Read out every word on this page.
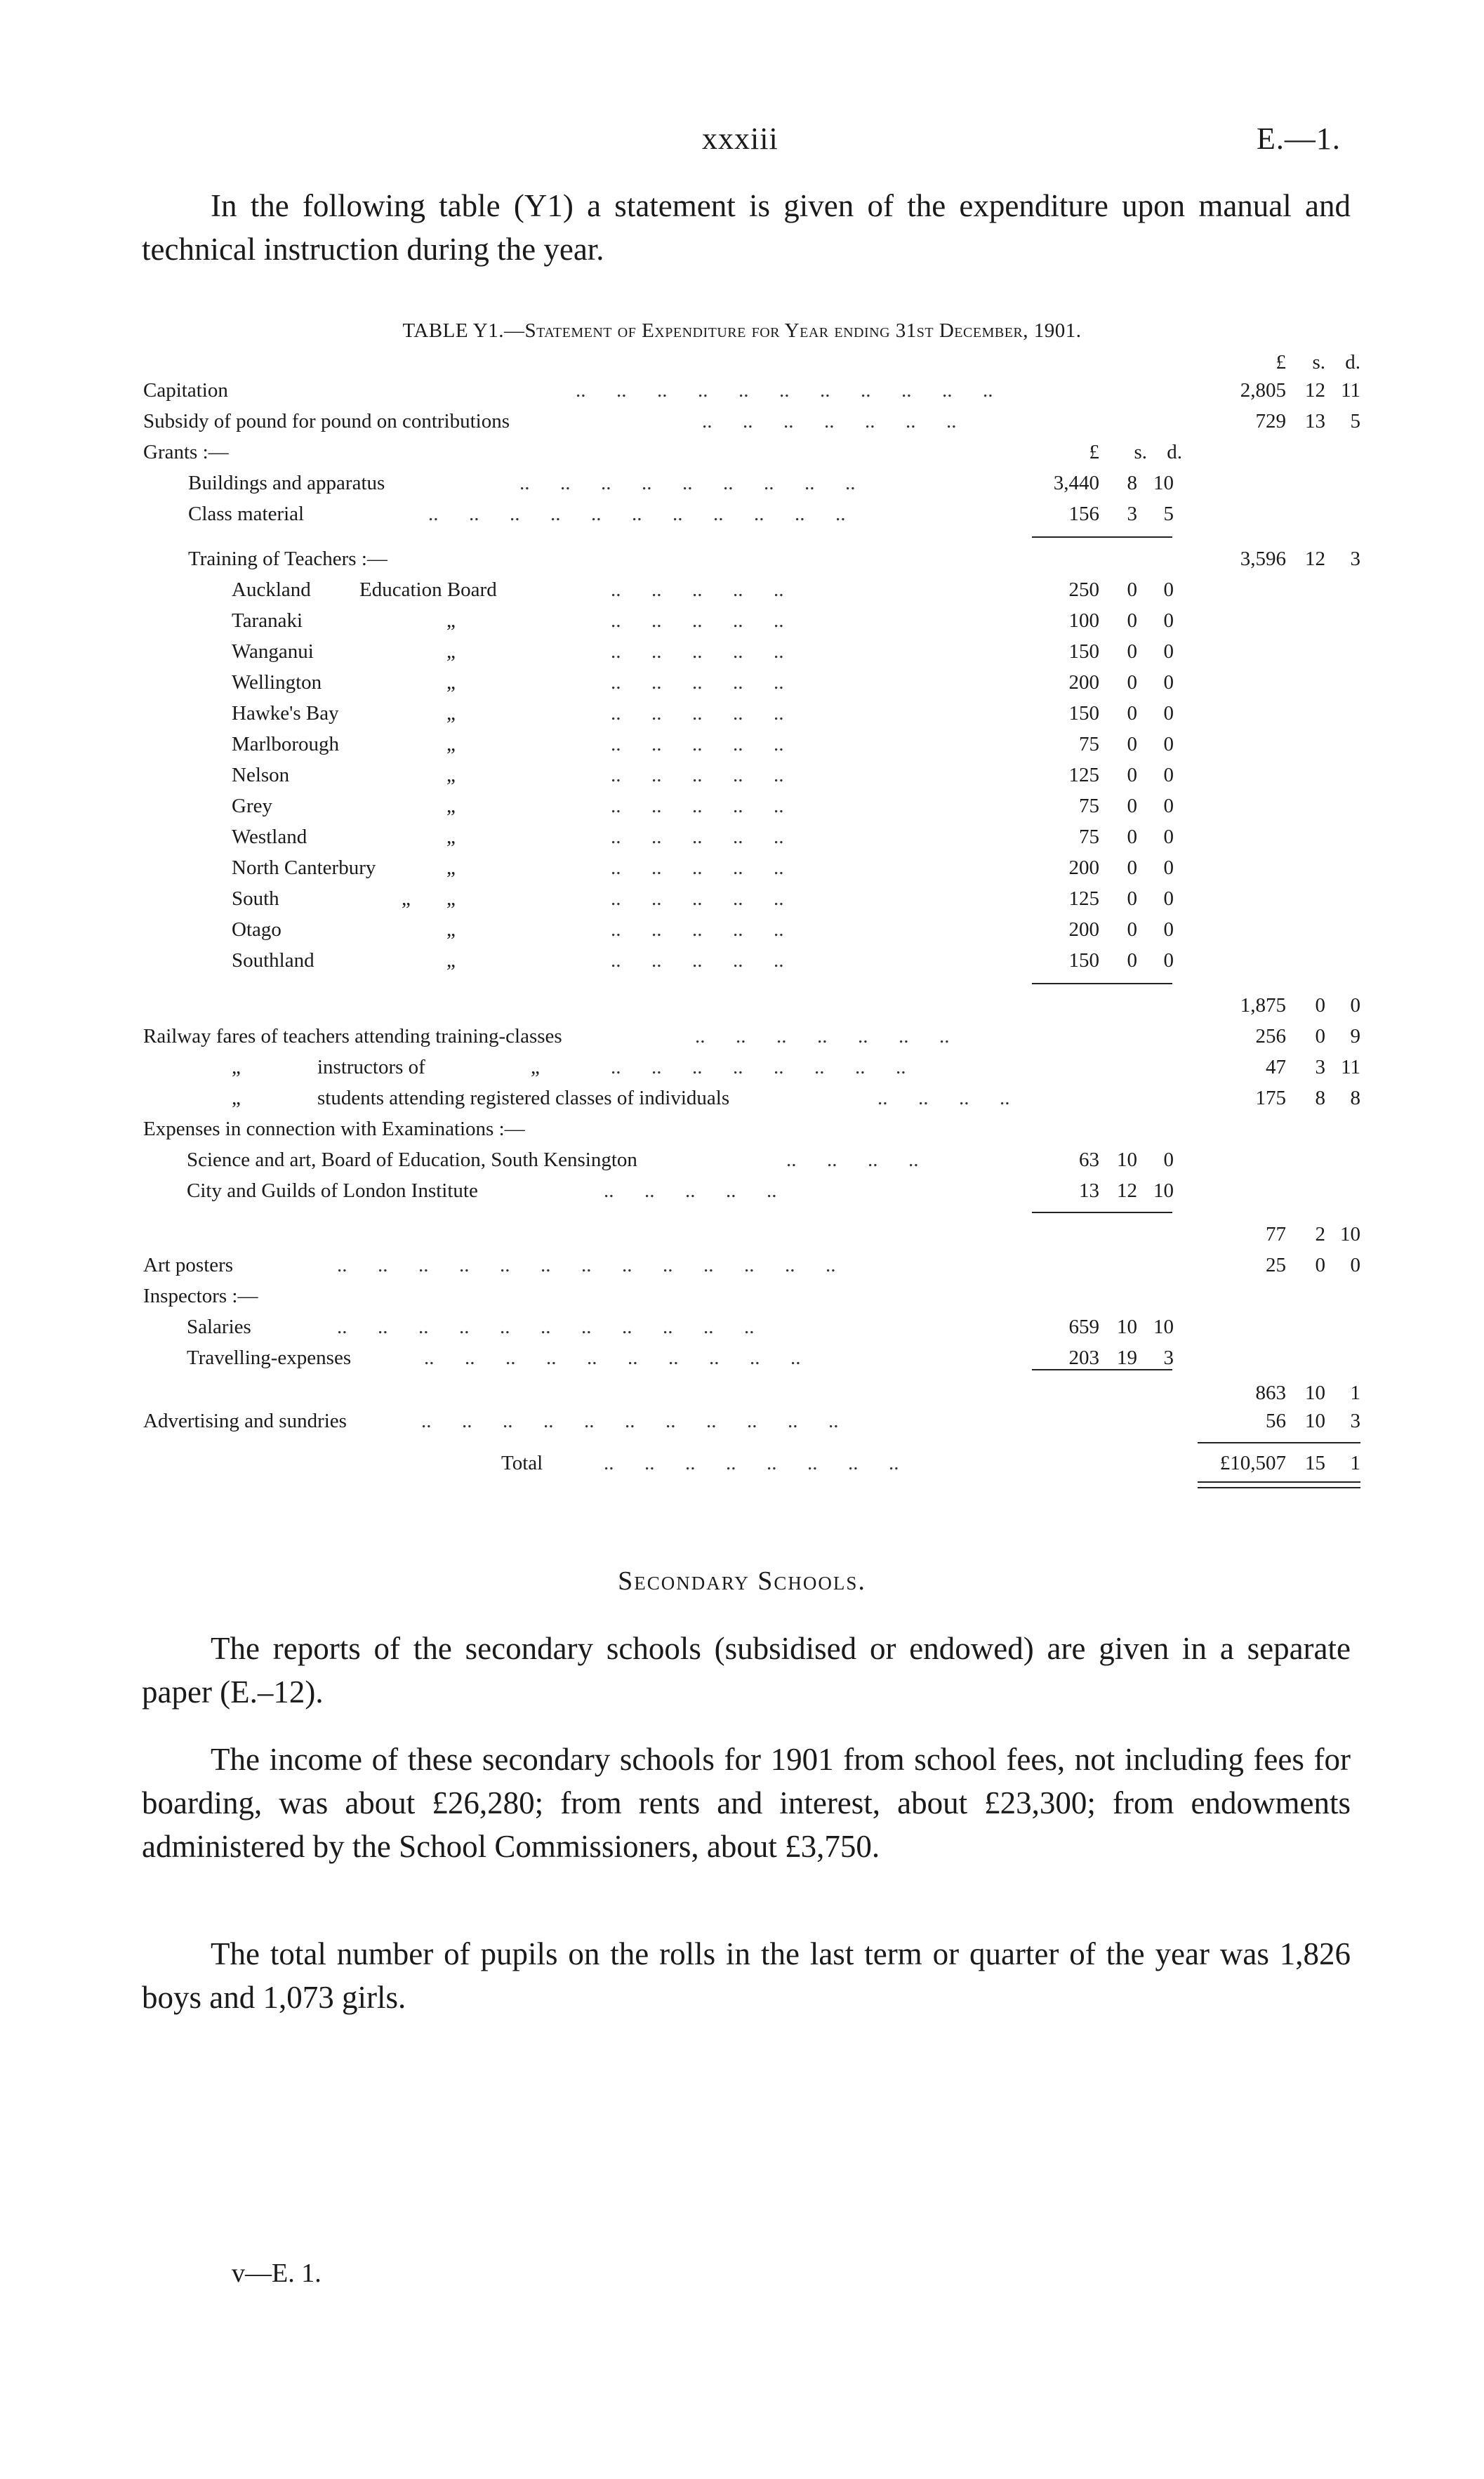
xxxiii	E.—1.
In the following table (Y1) a statement is given of the expenditure upon manual and technical instruction during the year.
TABLE Y1.—Statement of Expenditure for Year ending 31st December, 1901.
£	s. d.
Capitation	..      ..      ..      ..      ..      ..      ..      ..      ..      ..      ..	2,805 12 11
Subsidy of pound for pound on contributions	..      ..      ..      ..      ..      ..      ..	729 13	5
Grants :—	£	s. d.
Buildings and apparatus	..      ..      ..      ..      ..      ..      ..      ..      ..	3,440	8 10
Class material	..      ..      ..      ..      ..      ..      ..      ..      ..      ..      ..	156	3	5
Training of Teachers :—	3,596 12	3
Auckland Education Board	..      ..      ..      ..      ..	250	0	0
Taranaki	„	..      ..      ..      ..      ..	100	0	0
Wanganui	„	..      ..      ..      ..      ..	150	0	0
Wellington	„	..      ..      ..      ..      ..	200	0	0
Hawke's Bay	„	..      ..      ..      ..      ..	150	0	0
Marlborough	„	..      ..      ..      ..      ..	75	0	0
Nelson	„	..      ..      ..      ..      ..	125	0	0
Grey	„	..      ..      ..      ..      ..	75	0	0
Westland	„	..      ..      ..      ..      ..	75	0	0
North Canterbury	„	..      ..      ..      ..      ..	200	0	0
South	„ „	..      ..      ..      ..      ..	125	0	0
Otago	„	..      ..      ..      ..      ..	200	0	0
Southland	„	..      ..      ..      ..      ..	150	0	0
1,875	0	0
Railway fares of teachers attending training-classes	..      ..      ..      ..      ..      ..      ..	256	0	9
„	instructors of	„	..      ..      ..      ..      ..      ..      ..      ..	47	3 11
„	students attending registered classes of individuals	..      ..      ..      ..	175	8	8
Expenses in connection with Examinations :—
Science and art, Board of Education, South Kensington	..      ..      ..      ..	63 10	0
City and Guilds of London Institute	..      ..      ..      ..      ..	13 12 10
77	2 10
Art posters	..      ..      ..      ..      ..      ..      ..      ..      ..      ..      ..      ..      ..	25	0	0
Inspectors :—
Salaries	..      ..      ..      ..      ..      ..      ..      ..      ..      ..      ..	659 10 10
Travelling-expenses	..      ..      ..      ..      ..      ..      ..      ..      ..      ..	203 19	3
863 10	1
Advertising and sundries	..      ..      ..      ..      ..      ..      ..      ..      ..      ..      ..	56 10	3
Total	..      ..      ..      ..      ..      ..      ..      ..	£10,507 15	1
Secondary Schools.
The reports of the secondary schools (subsidised or endowed) are given in a separate paper (E.–12).
The income of these secondary schools for 1901 from school fees, not including fees for boarding, was about £26,280; from rents and interest, about £23,300; from endowments administered by the School Commissioners, about £3,750.
The total number of pupils on the rolls in the last term or quarter of the year was 1,826 boys and 1,073 girls.
v—E. 1.
